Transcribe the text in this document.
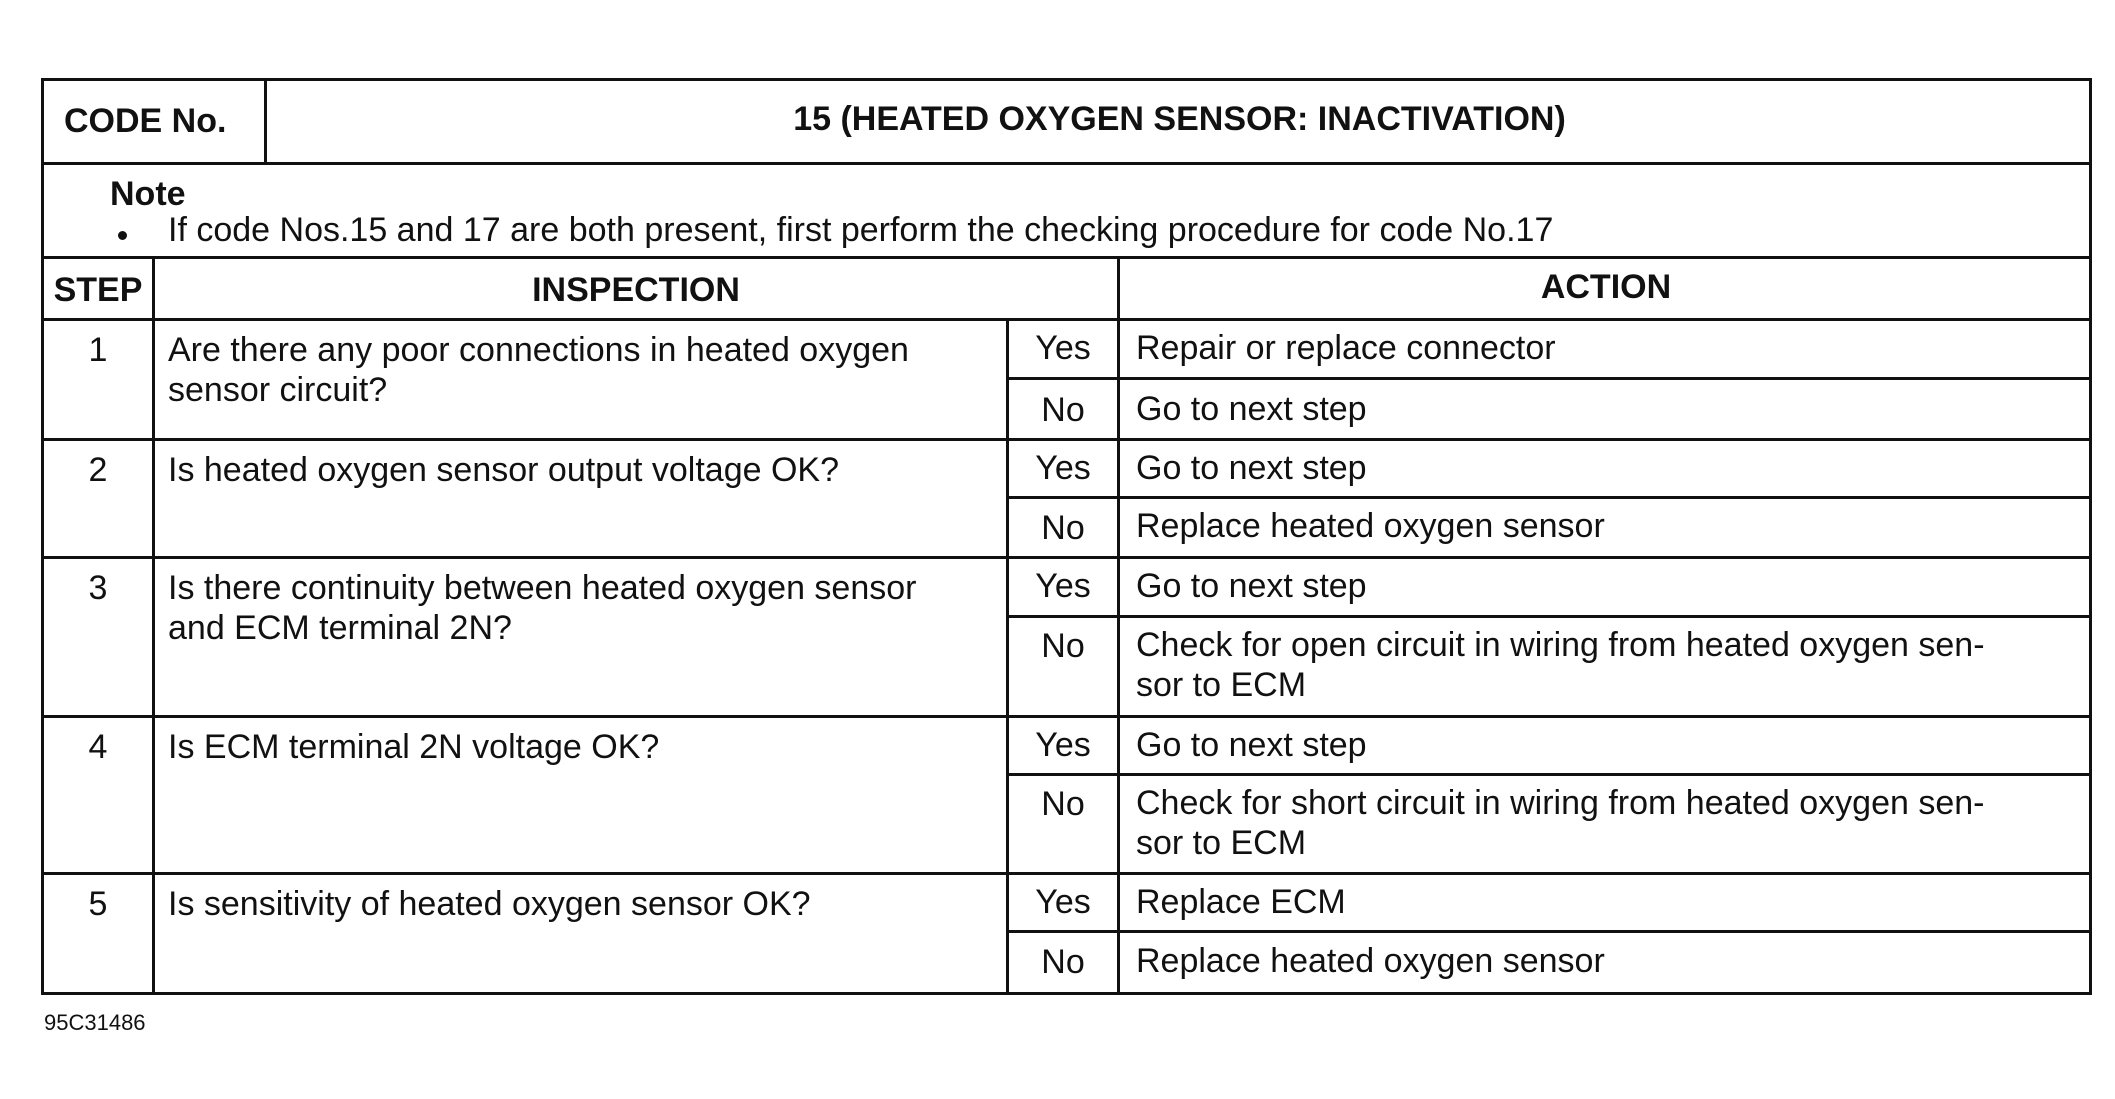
CODE No.	15 (HEATED OXYGEN SENSOR: INACTIVATION)
Note
If code Nos.15 and 17 are both present, first perform the checking procedure for code No.17
STEP	INSPECTION	ACTION
1	Are there any poor connections in heated oxygen
sensor circuit?
Yes	Repair or replace connector
No	Go to next step
2	Is heated oxygen sensor output voltage OK?	Yes	Go to next step
No	Replace heated oxygen sensor
3	Is there continuity between heated oxygen sensor
and ECM terminal 2N?
Yes	Go to next step
No	Check for open circuit in wiring from heated oxygen sen-
sor to ECM
4	Is ECM terminal 2N voltage OK?	Yes	Go to next step
No	Check for short circuit in wiring from heated oxygen sen-
sor to ECM
5	Is sensitivity of heated oxygen sensor OK?	Yes	Replace ECM
No	Replace heated oxygen sensor
95C31486
